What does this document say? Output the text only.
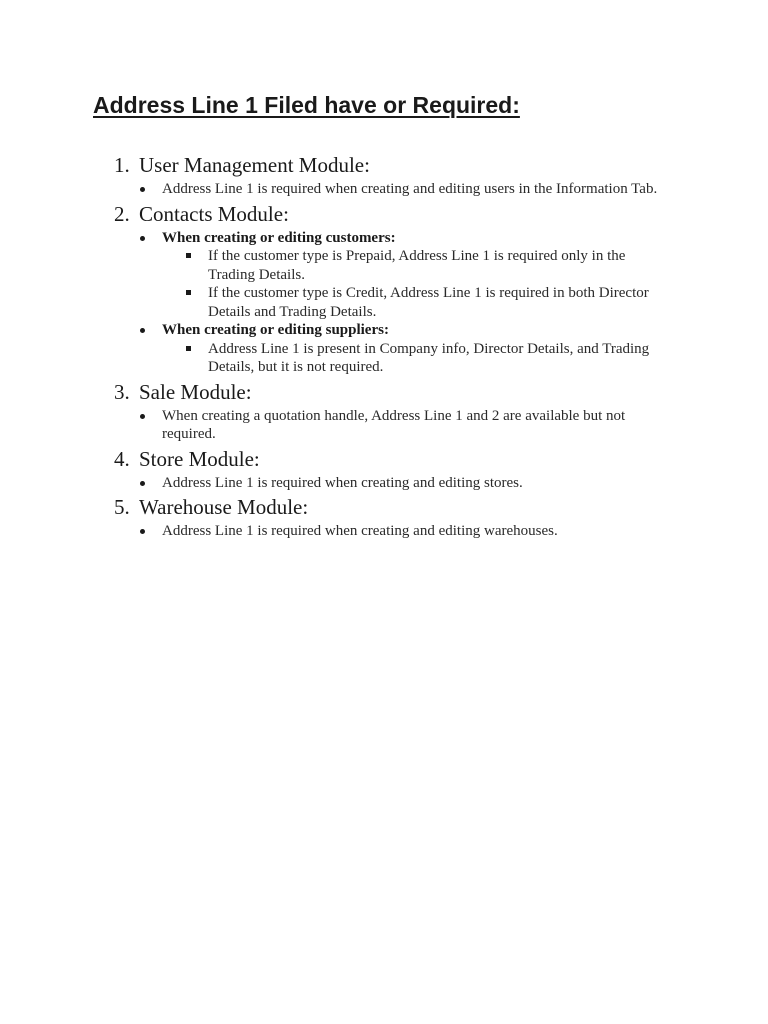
Address Line 1 Filed have or Required:
1. User Management Module:
Address Line 1 is required when creating and editing users in the Information Tab.
2. Contacts Module:
When creating or editing customers:
If the customer type is Prepaid, Address Line 1 is required only in the Trading Details.
If the customer type is Credit, Address Line 1 is required in both Director Details and Trading Details.
When creating or editing suppliers:
Address Line 1 is present in Company info, Director Details, and Trading Details, but it is not required.
3. Sale Module:
When creating a quotation handle, Address Line 1 and 2 are available but not required.
4. Store Module:
Address Line 1 is required when creating and editing stores.
5. Warehouse Module:
Address Line 1 is required when creating and editing warehouses.
